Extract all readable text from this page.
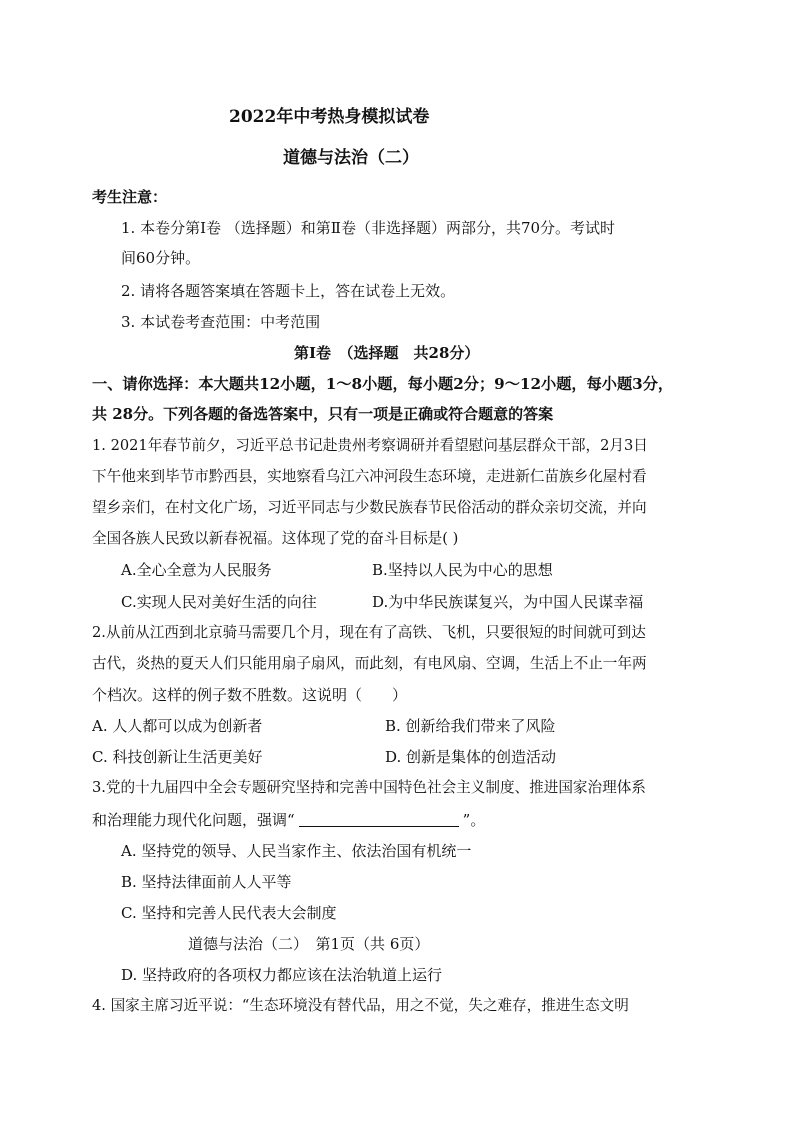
2022年中考热身模拟试卷
道德与法治（二）
考生注意：
1. 本卷分第Ⅰ卷 （选择题）和第Ⅱ卷（非选择题）两部分，共70分。考试时
间60分钟。
2. 请将各题答案填在答题卡上，答在试卷上无效。
3. 本试卷考查范围：中考范围
第Ⅰ卷　（选择题　共28分）
一、请你选择：本大题共12小题，1～8小题，每小题2分；9～12小题，每小题3分，
共 28分。下列各题的备选答案中，只有一项是正确或符合题意的答案
1. 2021年春节前夕，习近平总书记赴贵州考察调研并看望慰问基层群众干部，2月3日
下午他来到毕节市黔西县，实地察看乌江六冲河段生态环境，走进新仁苗族乡化屋村看
望乡亲们，在村文化广场，习近平同志与少数民族春节民俗活动的群众亲切交流，并向
全国各族人民致以新春祝福。这体现了党的奋斗目标是( )
A.全心全意为人民服务	B.坚持以人民为中心的思想
C.实现人民对美好生活的向往	D.为中华民族谋复兴，为中国人民谋幸福
2.从前从江西到北京骑马需要几个月，现在有了高铁、飞机，只要很短的时间就可到达
古代，炎热的夏天人们只能用扇子扇风，而此刻，有电风扇、空调，生活上不止一年两
个档次。这样的例子数不胜数。这说明（　　）
A. 人人都可以成为创新者	B. 创新给我们带来了风险
C. 科技创新让生活更美好	D. 创新是集体的创造活动
3.党的十九届四中全会专题研究坚持和完善中国特色社会主义制度、推进国家治理体系
和治理能力现代化问题，强调“	”。
A. 坚持党的领导、人民当家作主、依法治国有机统一
B. 坚持法律面前人人平等
C. 坚持和完善人民代表大会制度
道德与法治（二）　第1页（共 6页）
D. 坚持政府的各项权力都应该在法治轨道上运行
4. 国家主席习近平说：“生态环境没有替代品，用之不觉，失之难存，推进生态文明
